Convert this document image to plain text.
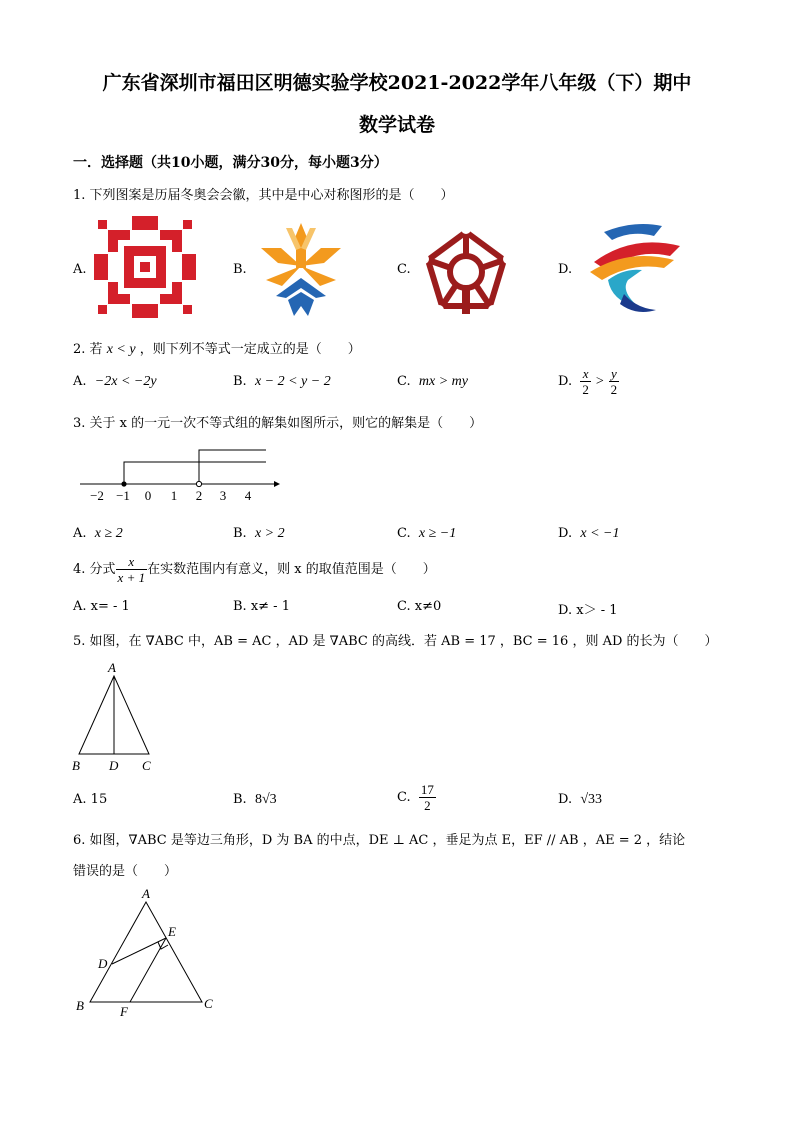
广东省深圳市福田区明德实验学校2021-2022学年八年级（下）期中
数学试卷
一．选择题（共10小题，满分30分，每小题3分）
1. 下列图案是历届冬奥会会徽，其中是中心对称图形的是（　　）
A.	B.	C.	D.
2. 若 x < y ，则下列不等式一定成立的是（　　）
A. −2x < −2y	B. x − 2 < y − 2	C. mx > my	D. $\frac{x}{2} > \frac{y}{2}$
3. 关于 x 的一元一次不等式组的解集如图所示，则它的解集是（　　）
−2 −1 0 1 2 3 4
A. x ≥ 2	B. x > 2	C. x ≥ −1	D. x < −1
4. 分式 $\frac{x}{x + 1}$ 在实数范围内有意义，则 x 的取值范围是（　　）
A. x= - 1	B. x≠ - 1	C. x≠0	D. x＞ - 1
5. 如图，在 ∇ABC 中，AB = AC ，AD 是 ∇ABC 的高线．若 AB = 17 ，BC = 16 ，则 AD 的长为（　　）
A
B D C
A. 15	B. 8√3	C. $\frac{17}{2}$	D. √33
6. 如图，∇ABC 是等边三角形，D 为 BA 的中点，DE ⊥ AC ，垂足为点 E，EF // AB ，AE = 2 ，结论
错误的是（　　）
A
E
D
B	F
C
